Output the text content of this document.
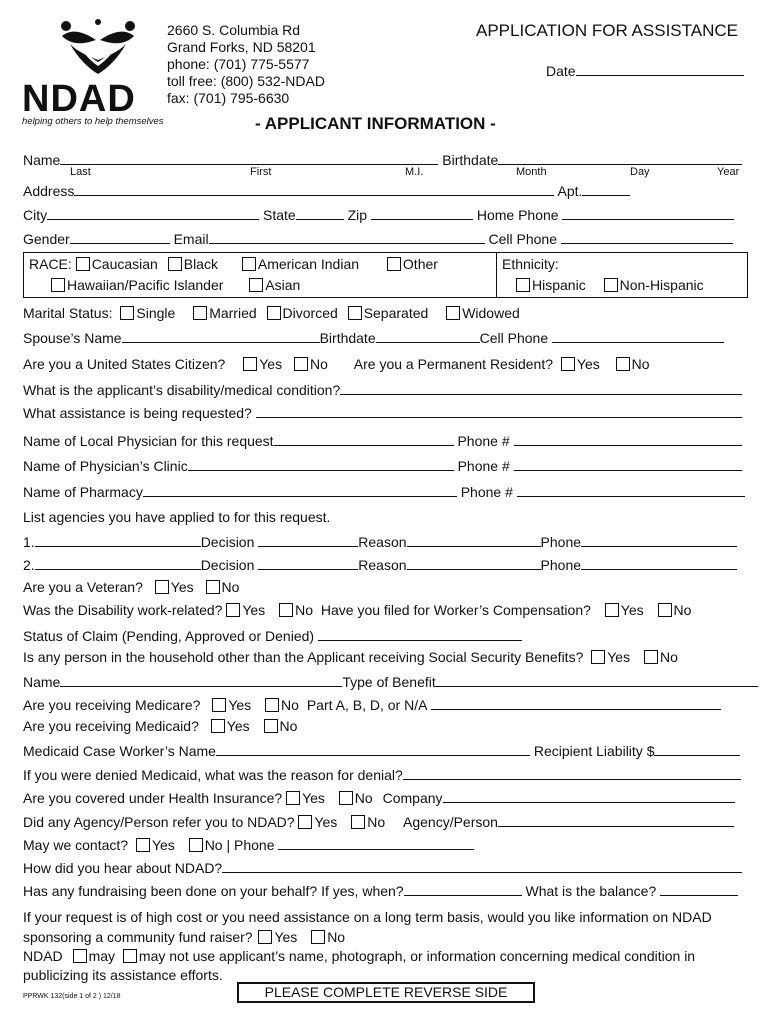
NDAD
helping others to help themselves
2660 S. Columbia Rd
Grand Forks, ND 58201
phone: (701) 775-5577
toll free: (800) 532-NDAD
fax: (701) 795-6630
APPLICATION FOR ASSISTANCE
Date
- APPLICANT INFORMATION -
Name	Birthdate
Last	First	M.I.	Month	Day	Year
Address	Apt.
City	State	Zip	Home Phone
Gender	Email	Cell Phone
RACE: Caucasian Black	American Indian	Other
Hawaiian/Pacific Islander	Asian
Ethnicity:
Hispanic Non-Hispanic
Marital Status: Single Married Divorced Separated Widowed
Spouse’s Name	Birthdate	Cell Phone
Are you a United States Citizen? Yes No Are you a Permanent Resident? Yes No
What is the applicant’s disability/medical condition?
What assistance is being requested?
Name of Local Physician for this request	Phone #
Name of Physician’s Clinic	Phone #
Name of Pharmacy	Phone #
List agencies you have applied to for this request.
1.	Decision	Reason	Phone
2.	Decision	Reason	Phone
Are you a Veteran? Yes No
Was the Disability work-related? Yes No Have you filed for Worker’s Compensation? Yes No
Status of Claim (Pending, Approved or Denied)
Is any person in the household other than the Applicant receiving Social Security Benefits? Yes No
Name	Type of Benefit
Are you receiving Medicare? Yes No Part A, B, D, or N/A
Are you receiving Medicaid? Yes No
Medicaid Case Worker’s Name	Recipient Liability $
If you were denied Medicaid, what was the reason for denial?
Are you covered under Health Insurance? Yes No Company
Did any Agency/Person refer you to NDAD? Yes No Agency/Person
May we contact? Yes No | Phone
How did you hear about NDAD?
Has any fundraising been done on your behalf? If yes, when?	What is the balance?
If your request is of high cost or you need assistance on a long term basis, would you like information on NDAD
sponsoring a community fund raiser? Yes No
NDAD may may not use applicant’s name, photograph, or information concerning medical condition in
publicizing its assistance efforts.
PPRWK 132(side 1 of 2 ) 12/18	PLEASE COMPLETE REVERSE SIDE
